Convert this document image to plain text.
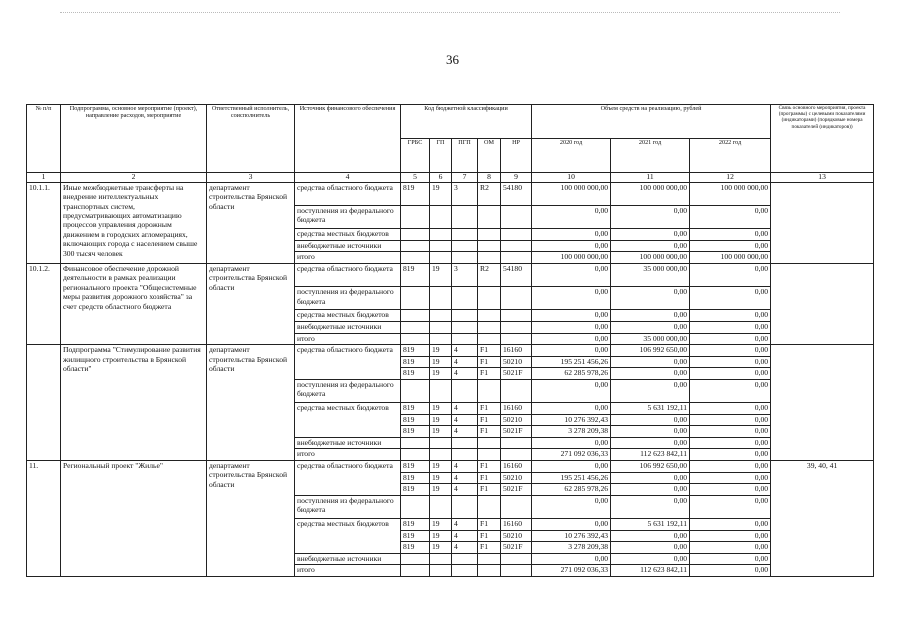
36
№ п/п	Подпрограмма, основное мероприятие (проект), направление расходов, мероприятие	Ответственный исполнитель, соисполнитель	Источник финансового обеспечения	Код бюджетной классификации					Объем средств на реализацию, рублей			Связь основного мероприятия, проекта (программы) с целевыми показателями (индикаторами) (порядковые номера показателей (индикаторов))
				ГРБС	ГП	ПГП	ОМ	НР	2020 год	2021 год	2022 год	
1	2	3	4	5	6	7	8	9	10	11	12	13
10.1.1.	Иные межбюджетные трансферты на внедрение интеллектуальных транспортных систем, предусматривающих автоматизацию процессов управления дорожным движением в городских агломерациях, включающих города с населением свыше 300 тысяч человек	департамент строительства Брянской области	средства областного бюджета	819	19	3	R2	54180	100 000 000,00	100 000 000,00	100 000 000,00	
			поступления из федерального бюджета						0,00	0,00	0,00	
			средства местных бюджетов						0,00	0,00	0,00	
			внебюджетные источники						0,00	0,00	0,00	
			итого						100 000 000,00	100 000 000,00	100 000 000,00	
10.1.2.	Финансовое обеспечение дорожной деятельности в рамках реализации регионального проекта "Общесистемные меры развития дорожного хозяйства" за счет средств областного бюджета	департамент строительства Брянской области	средства областного бюджета	819	19	3	R2	54180	0,00	35 000 000,00	0,00	
			поступления из федерального бюджета						0,00	0,00	0,00	
			средства местных бюджетов						0,00	0,00	0,00	
			внебюджетные источники						0,00	0,00	0,00	
			итого						0,00	35 000 000,00	0,00	
	Подпрограмма "Стимулирование развития жилищного строительства в Брянской области"	департамент строительства Брянской области	средства областного бюджета	819	19	4	F1	16160	0,00	106 992 650,00	0,00	
				819	19	4	F1	50210	195 251 456,26	0,00	0,00	
				819	19	4	F1	5021F	62 285 978,26	0,00	0,00	
			поступления из федерального бюджета						0,00	0,00	0,00	
			средства местных бюджетов	819	19	4	F1	16160	0,00	5 631 192,11	0,00	
				819	19	4	F1	50210	10 276 392,43	0,00	0,00	
				819	19	4	F1	5021F	3 278 209,38	0,00	0,00	
			внебюджетные источники						0,00	0,00	0,00	
			итого						271 092 036,33	112 623 842,11	0,00	
11.	Региональный проект "Жилье"	департамент строительства Брянской области	средства областного бюджета	819	19	4	F1	16160	0,00	106 992 650,00	0,00	39, 40, 41
				819	19	4	F1	50210	195 251 456,26	0,00	0,00	
				819	19	4	F1	5021F	62 285 978,26	0,00	0,00	
			поступления из федерального бюджета						0,00	0,00	0,00	
			средства местных бюджетов	819	19	4	F1	16160	0,00	5 631 192,11	0,00	
				819	19	4	F1	50210	10 276 392,43	0,00	0,00	
				819	19	4	F1	5021F	3 278 209,38	0,00	0,00	
			внебюджетные источники						0,00	0,00	0,00	
			итого						271 092 036,33	112 623 842,11	0,00	
